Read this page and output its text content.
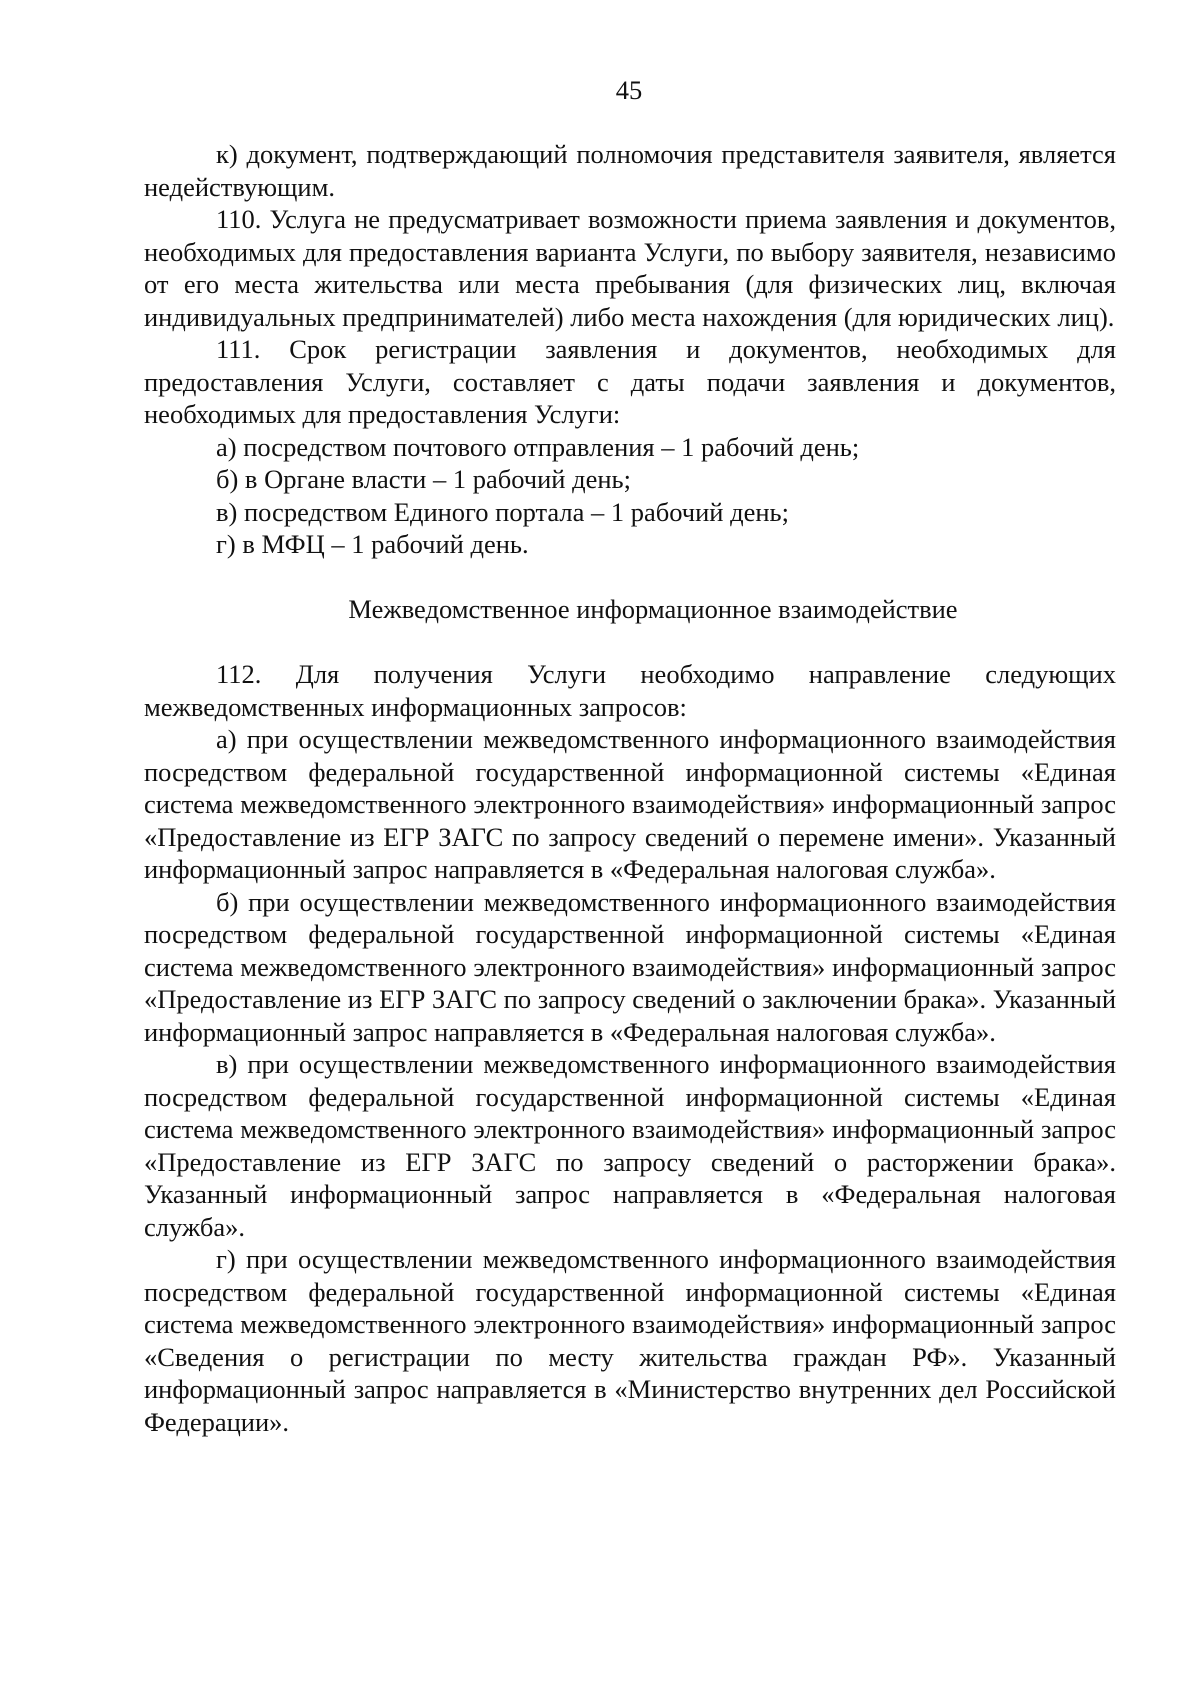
45

к) документ, подтверждающий полномочия представителя заявителя, является недействующим.

110. Услуга не предусматривает возможности приема заявления и документов, необходимых для предоставления варианта Услуги, по выбору заявителя, независимо от его места жительства или места пребывания (для физических лиц, включая индивидуальных предпринимателей) либо места нахождения (для юридических лиц).

111. Срок регистрации заявления и документов, необходимых для предоставления Услуги, составляет с даты подачи заявления и документов, необходимых для предоставления Услуги:

а) посредством почтового отправления – 1 рабочий день;

б) в Органе власти – 1 рабочий день;

в) посредством Единого портала – 1 рабочий день;

г) в МФЦ – 1 рабочий день.

Межведомственное информационное взаимодействие

112. Для получения Услуги необходимо направление следующих межведомственных информационных запросов:

а) при осуществлении межведомственного информационного взаимодействия посредством федеральной государственной информационной системы «Единая система межведомственного электронного взаимодействия» информационный запрос «Предоставление из ЕГР ЗАГС по запросу сведений о перемене имени». Указанный информационный запрос направляется в «Федеральная налоговая служба».

б) при осуществлении межведомственного информационного взаимодействия посредством федеральной государственной информационной системы «Единая система межведомственного электронного взаимодействия» информационный запрос «Предоставление из ЕГР ЗАГС по запросу сведений о заключении брака». Указанный информационный запрос направляется в «Федеральная налоговая служба».

в) при осуществлении межведомственного информационного взаимодействия посредством федеральной государственной информационной системы «Единая система межведомственного электронного взаимодействия» информационный запрос «Предоставление из ЕГР ЗАГС по запросу сведений о расторжении брака». Указанный информационный запрос направляется в «Федеральная налоговая служба».

г) при осуществлении межведомственного информационного взаимодействия посредством федеральной государственной информационной системы «Единая система межведомственного электронного взаимодействия» информационный запрос «Сведения о регистрации по месту жительства граждан РФ». Указанный информационный запрос направляется в «Министерство внутренних дел Российской Федерации».
